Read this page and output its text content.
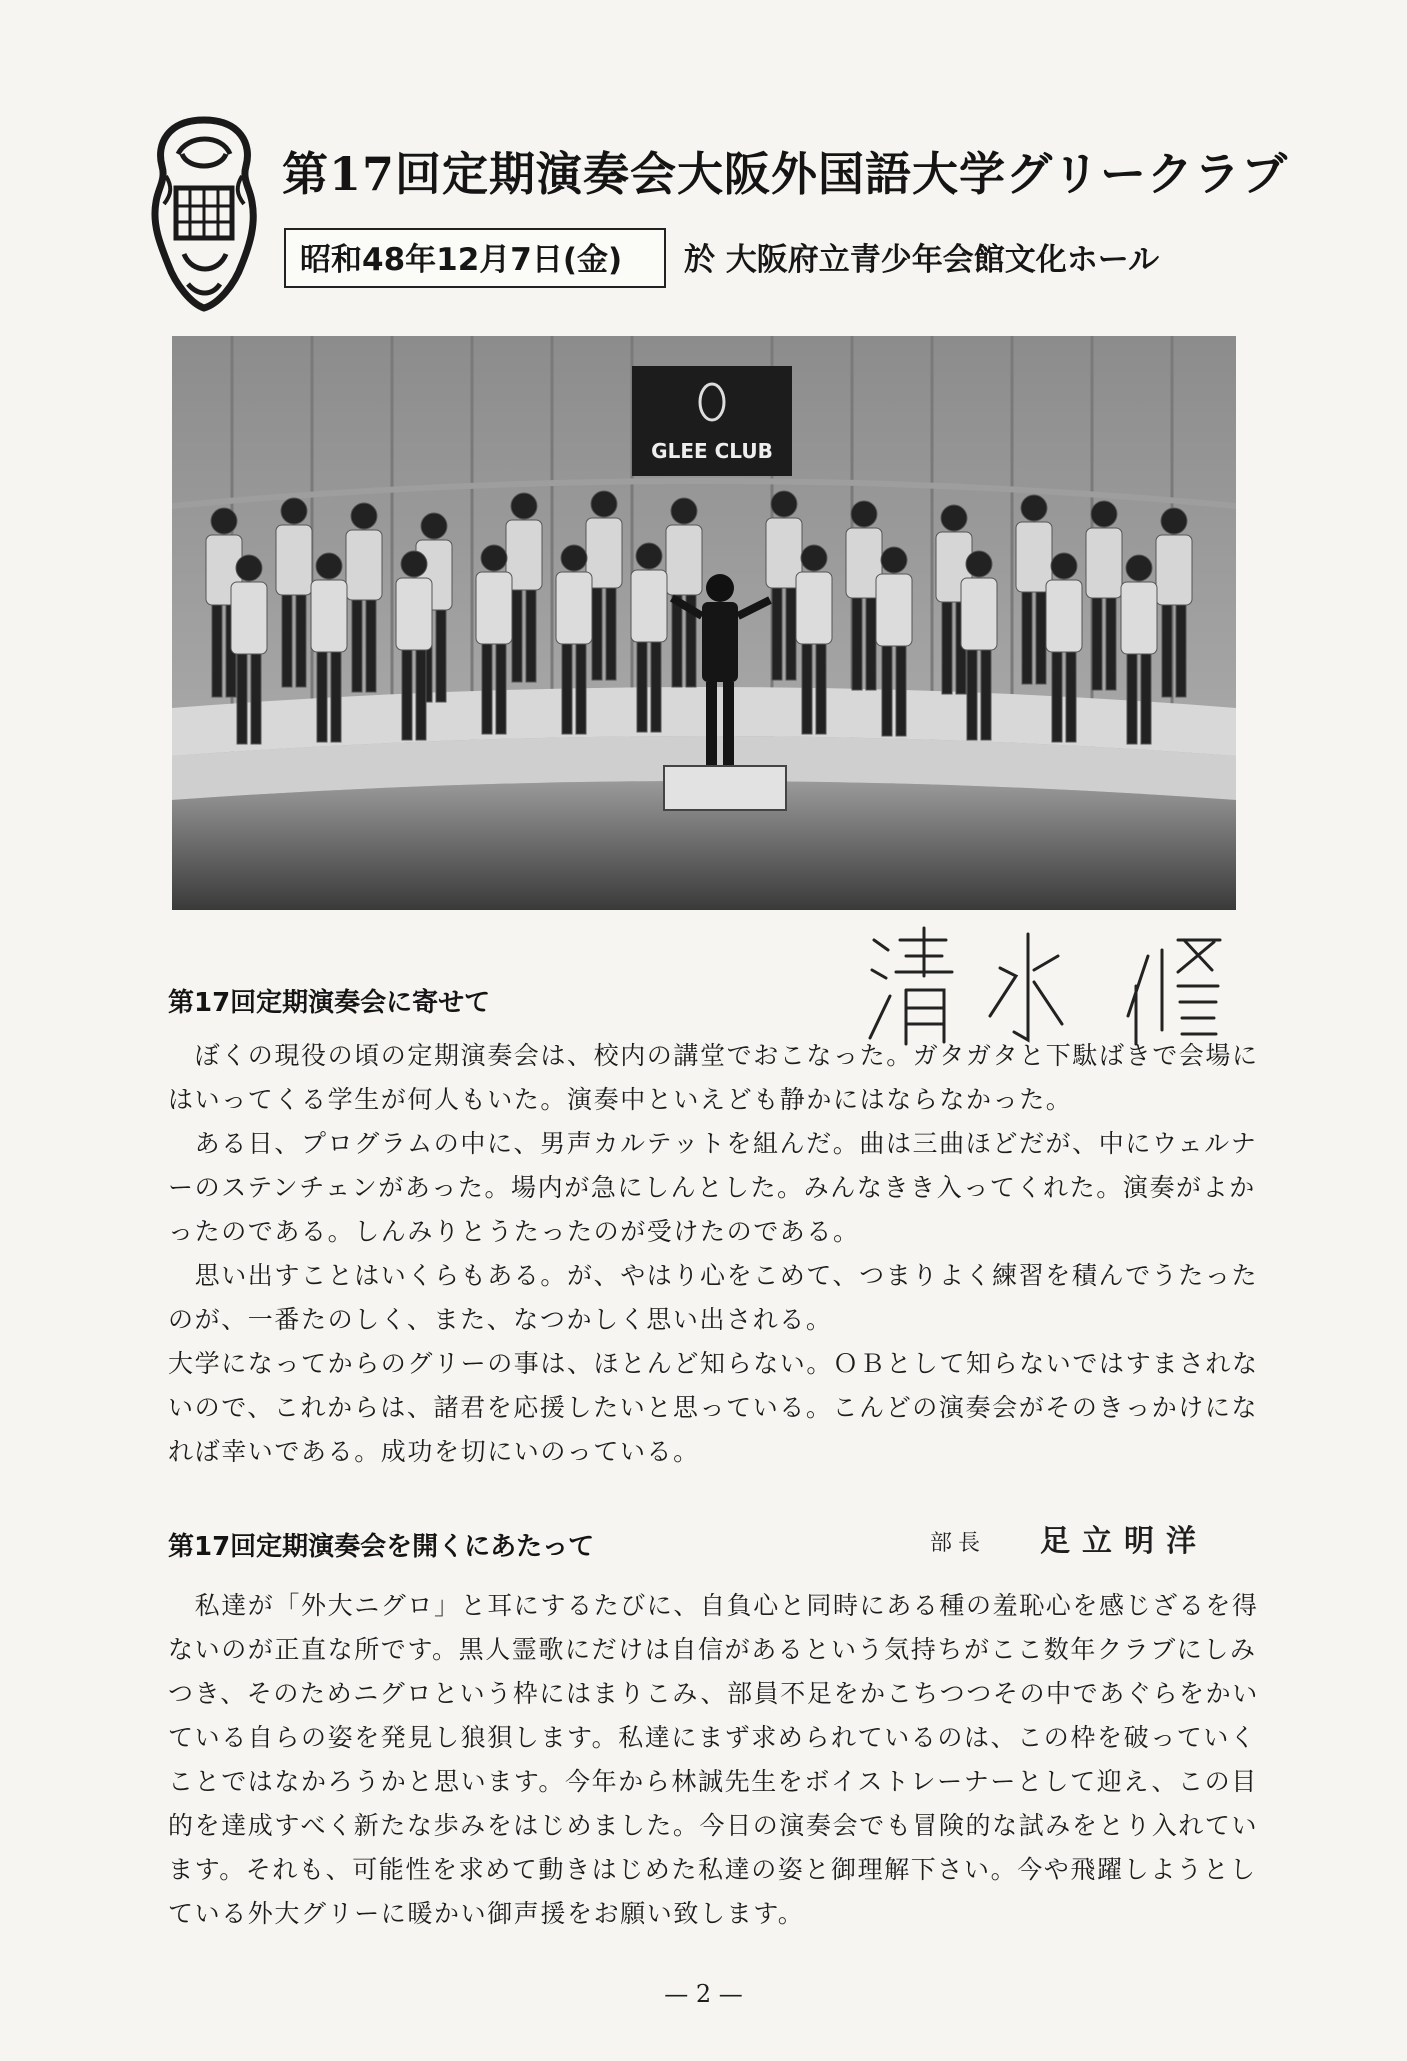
第17回定期演奏会大阪外国語大学グリークラブ
昭和48年12月7日(金) 於 大阪府立青少年会館文化ホール
GLEE CLUB
第17回定期演奏会に寄せて

　ぼくの現役の頃の定期演奏会は、校内の講堂でおこなった。ガタガタと下駄ばきで会場にはいってくる学生が何人もいた。演奏中といえども静かにはならなかった。

　ある日、プログラムの中に、男声カルテットを組んだ。曲は三曲ほどだが、中にウェルナーのステンチェンがあった。場内が急にしんとした。みんなきき入ってくれた。演奏がよかったのである。しんみりとうたったのが受けたのである。

　思い出すことはいくらもある。が、やはり心をこめて、つまりよく練習を積んでうたったのが、一番たのしく、また、なつかしく思い出される。

大学になってからのグリーの事は、ほとんど知らない。ＯＢとして知らないではすまされないので、これからは、諸君を応援したいと思っている。こんどの演奏会がそのきっかけになれば幸いである。成功を切にいのっている。

第17回定期演奏会を開くにあたって	部長 足立明洋

　私達が「外大ニグロ」と耳にするたびに、自負心と同時にある種の羞恥心を感じざるを得ないのが正直な所です。黒人霊歌にだけは自信があるという気持ちがここ数年クラブにしみつき、そのためニグロという枠にはまりこみ、部員不足をかこちつつその中であぐらをかいている自らの姿を発見し狼狽します。私達にまず求められているのは、この枠を破っていくことではなかろうかと思います。今年から林誠先生をボイストレーナーとして迎え、この目的を達成すべく新たな歩みをはじめました。今日の演奏会でも冒険的な試みをとり入れています。それも、可能性を求めて動きはじめた私達の姿と御理解下さい。今や飛躍しようとしている外大グリーに暖かい御声援をお願い致します。

— 2 —
